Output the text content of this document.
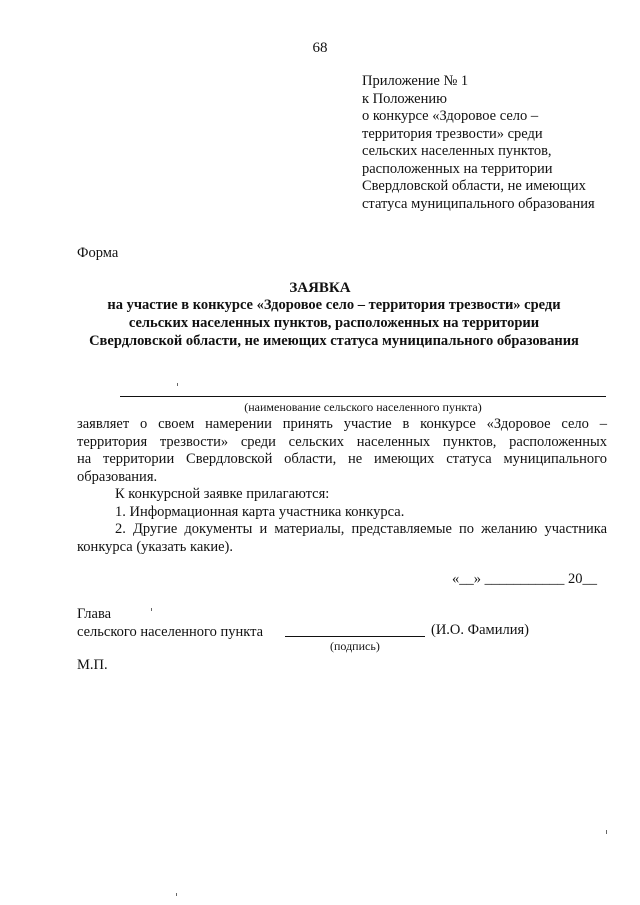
68
Приложение № 1
к Положению
о конкурсе «Здоровое село –
территория трезвости» среди
сельских населенных пунктов,
расположенных на территории
Свердловской области, не имеющих
статуса муниципального образования
Форма
ЗАЯВКА
на участие в конкурсе «Здоровое село – территория трезвости» среди
сельских населенных пунктов, расположенных на территории
Свердловской области, не имеющих статуса муниципального образования
(наименование сельского населенного пункта)
заявляет о своем намерении принять участие в конкурсе «Здоровое село –
территория трезвости» среди сельских населенных пунктов, расположенных
на территории Свердловской области, не имеющих статуса муниципального
образования.
К конкурсной заявке прилагаются:
1. Информационная карта участника конкурса.
2. Другие документы и материалы, представляемые по желанию участника
конкурса (указать какие).
«__» ___________ 20__
Глава
сельского населенного пункта	(И.О. Фамилия)
(подпись)
М.П.
